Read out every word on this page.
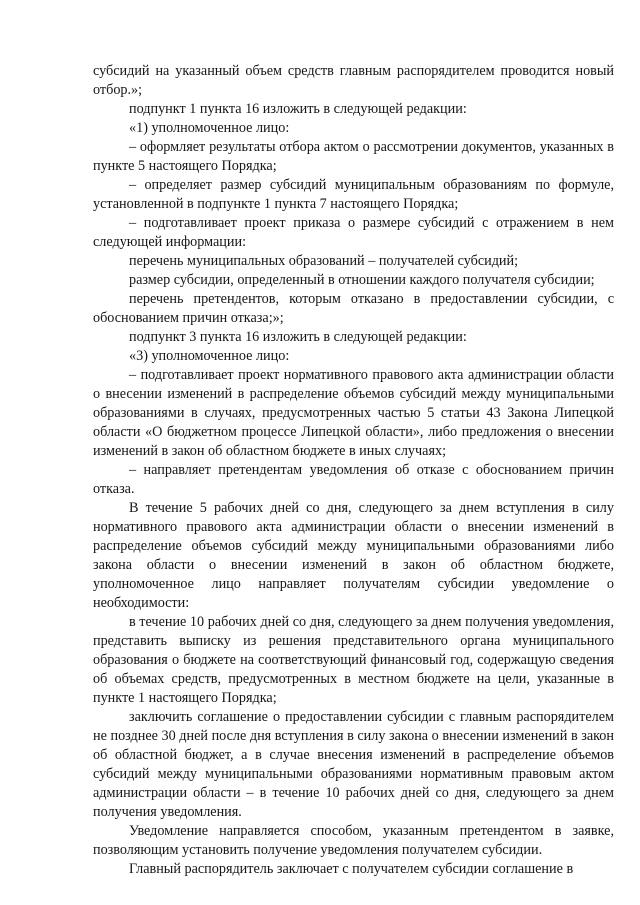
субсидий на указанный объем средств главным распорядителем проводится новый отбор.»;

подпункт 1 пункта 16 изложить в следующей редакции:

«1) уполномоченное лицо:

– оформляет результаты отбора актом о рассмотрении документов, указанных в пункте 5 настоящего Порядка;

– определяет размер субсидий муниципальным образованиям по формуле, установленной в подпункте 1 пункта 7 настоящего Порядка;

– подготавливает проект приказа о размере субсидий с отражением в нем следующей информации:

перечень муниципальных образований – получателей субсидий;

размер субсидии, определенный в отношении каждого получателя субсидии;

перечень претендентов, которым отказано в предоставлении субсидии, с обоснованием причин отказа;»;

подпункт 3 пункта 16 изложить в следующей редакции:

«3) уполномоченное лицо:

– подготавливает проект нормативного правового акта администрации области о внесении изменений в распределение объемов субсидий между муниципальными образованиями в случаях, предусмотренных частью 5 статьи 43 Закона Липецкой области «О бюджетном процессе Липецкой области», либо предложения о внесении изменений в закон об областном бюджете в иных случаях;

– направляет претендентам уведомления об отказе с обоснованием причин отказа.

В течение 5 рабочих дней со дня, следующего за днем вступления в силу нормативного правового акта администрации области о внесении изменений в распределение объемов субсидий между муниципальными образованиями либо закона области о внесении изменений в закон об областном бюджете, уполномоченное лицо направляет получателям субсидии уведомление о необходимости:

в течение 10 рабочих дней со дня, следующего за днем получения уведомления, представить выписку из решения представительного органа муниципального образования о бюджете на соответствующий финансовый год, содержащую сведения об объемах средств, предусмотренных в местном бюджете на цели, указанные в пункте 1 настоящего Порядка;

заключить соглашение о предоставлении субсидии с главным распорядителем не позднее 30 дней после дня вступления в силу закона о внесении изменений в закон об областной бюджет, а в случае внесения изменений в распределение объемов субсидий между муниципальными образованиями нормативным правовым актом администрации области – в течение 10 рабочих дней со дня, следующего за днем получения уведомления.

Уведомление направляется способом, указанным претендентом в заявке, позволяющим установить получение уведомления получателем субсидии.

Главный распорядитель заключает с получателем субсидии соглашение в
